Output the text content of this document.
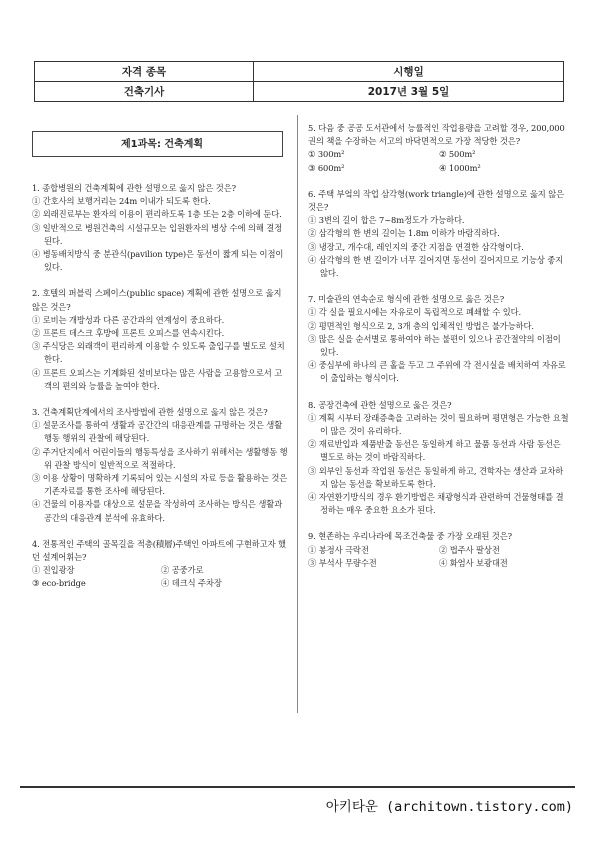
자격 종목	시행일
건축기사	2017년 3월 5일
제1과목: 건축계획

1. 종합병원의 건축계획에 관한 설명으로 옳지 않은 것은?

① 간호사의 보행거리는 24m 이내가 되도록 한다.

② 외래진료부는 환자의 이용이 편리하도록 1층 또는 2층 이하에 둔다.

③ 일반적으로 병원건축의 시설규모는 입원환자의 병상 수에 의해 결정된다.

④ 병동배치방식 중 분관식(pavilion type)은 동선이 짧게 되는 이점이 있다.

2. 호텔의 퍼블릭 스페이스(public space) 계획에 관한 설명으로 옳지 않은 것은?

① 로비는 개방성과 다른 공간과의 연계성이 중요하다.

② 프론트 데스크 후방에 프론트 오피스를 연속시킨다.

③ 주식당은 외래객이 편리하게 이용할 수 있도록 출입구를 별도로 설치한다.

④ 프론트 오피스는 기계화된 설비보다는 많은 사람을 고용함으로서 고객의 편의와 능률을 높여야 한다.

3. 건축계획단계에서의 조사방법에 관한 설명으로 옳지 않은 것은?

① 설문조사를 통하여 생활과 공간간의 대응관계를 규명하는 것은 생활행동 행위의 관찰에 해당된다.

② 주거단지에서 어린이들의 행동특성을 조사하기 위해서는 생활행동 행위 관찰 방식이 일반적으로 적절하다.

③ 이용 상황이 명확하게 기록되어 있는 시설의 자료 등을 활용하는 것은 기존자료를 통한 조사에 해당된다.

④ 건물의 이용자를 대상으로 설문을 작성하여 조사하는 방식은 생활과 공간의 대응관계 분석에 유효하다.

4. 전통적인 주택의 골목길을 적층(積層)주택인 아파트에 구현하고자 했던 설계어휘는?

① 진입광장	② 공중가로
③ eco-bridge	④ 데크식 주차장

5. 다음 중 공공 도서관에서 능률적인 작업용량을 고려할 경우, 200,000권의 책을 수장하는 서고의 바닥면적으로 가장 적당한 것은?

① 300m²	② 500m²
③ 600m²	④ 1000m²

6. 주택 부엌의 작업 삼각형(work triangle)에 관한 설명으로 옳지 않은 것은?

① 3변의 길이 합은 7~8m정도가 가능하다.

② 삼각형의 한 변의 길이는 1.8m 이하가 바람직하다.

③ 냉장고, 개수대, 레인지의 중간 지점을 연결한 삼각형이다.

④ 삼각형의 한 변 길이가 너무 길어지면 동선이 길어지므로 기능상 좋지 않다.

7. 미술관의 연속순로 형식에 관한 설명으로 옳은 것은?

① 각 실을 필요시에는 자유로이 독립적으로 폐쇄할 수 있다.

② 평면적인 형식으로 2, 3개 층의 입체적인 방법은 불가능하다.

③ 많은 실을 순서별로 통하여야 하는 불편이 있으나 공간절약의 이점이 있다.

④ 중심부에 하나의 큰 홀을 두고 그 주위에 각 전시실을 배치하여 자유로이 출입하는 형식이다.

8. 공장건축에 관한 설명으로 옳은 것은?

① 계획 시부터 장래증축을 고려하는 것이 필요하며 평면형은 가능한 요철이 많은 것이 유리하다.

② 재료반입과 제품반출 동선은 동일하게 하고 물품 동선과 사람 동선은 별도로 하는 것이 바람직하다.

③ 외부인 동선과 작업원 동선은 동일하게 하고, 견학자는 생산과 교차하지 않는 동선을 확보하도록 한다.

④ 자연환기방식의 경우 환기방법은 채광형식과 관련하여 건물형태를 결정하는 매우 중요한 요소가 된다.

9. 현존하는 우리나라에 목조건축물 중 가장 오래된 것은?

① 봉정사 극락전	② 법주사 팔상전
③ 부석사 무량수전	④ 화엄사 보광대전
아키타운 (architown.tistory.com)
